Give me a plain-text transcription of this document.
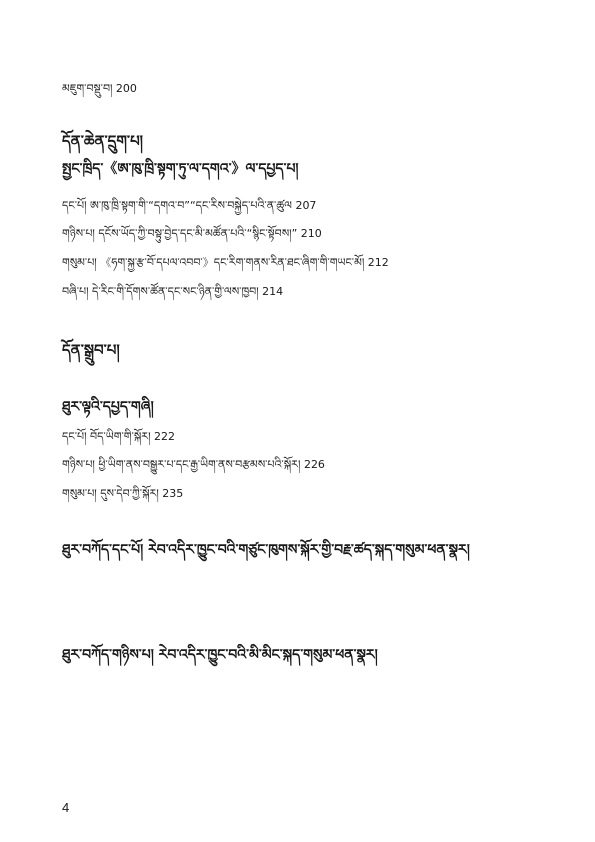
མཇུག་བསྡུ་བ། 200
དོན་ཆེན་དྲུག་པ།
སྤྱང་ཁྲིད་《ཨ་ཁུ་ཁྲི་སྟག་ཏུ་ལ་དགའ་》ལ་དཔྱད་པ།
དང་པོ། ཨ་ཁུ་ཁྲི་སྟག་གི་“དགའ་བ”“དང་རིས་བསྐྱེད་པའི་ན་ཚུལ 207
གཉིས་པ། དངོས་ཡོད་ཀྱི་བསྟུ་བྱེད་དང་མི་མཚོན་པའི་“སྙིང་སྟོབས།” 210
གསུམ་པ། 《ཧག་སྐྱ་རྩ་བོ་དཔལ་འབབ་》དང་རིག་གནས་རིན་ཐང་ཞིག་གི་གཡང་མོ། 212
བཞི་པ། དེ་རིང་གི་དོགས་ཚོན་དང་སང་ཉིན་གྱི་ལས་ཁྱབ། 214
དོན་སྒྲུབ་པ།
ཐུར་ལྟའི་དཔྱད་གཞི།
དང་པོ། བོད་ཡིག་གི་སྐོར། 222
གཉིས་པ། ཕྱི་ཡིག་ནས་བསྒྱུར་པ་དང་རྒྱ་ཡིག་ནས་བརྩམས་པའི་སྐོར། 226
གསུམ་པ། དུས་དེབ་ཀྱི་སྐོར། 235
ཐུར་བཀོད་དང་པོ། རེབ་འདིར་ཁྱུང་བའི་གཙུང་ཁུགས་སྐོར་གྱི་བརྗ་ཚད་སྐད་གསུམ་ཕན་སྣར།
ཐུར་བཀོད་གཉིས་པ། རེབ་འདིར་ཁྱུང་བའི་མི་མིང་སྐད་གསུམ་ཕན་སྣར།
4
